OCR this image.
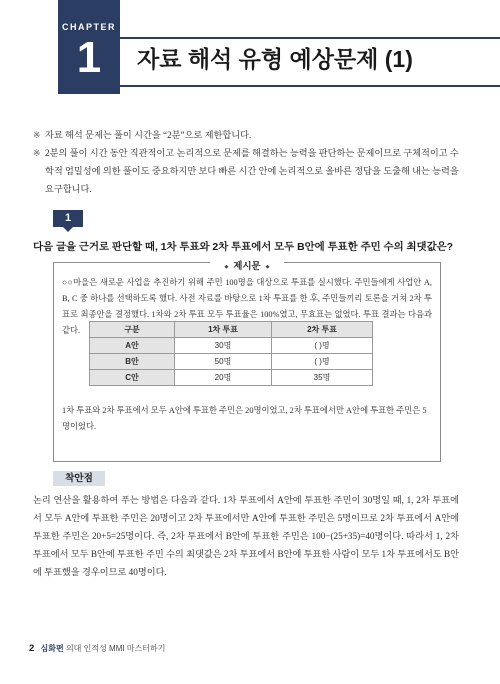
CHAPTER
1	자료 해석 유형 예상문제 (1)
※ 자료 해석 문제는 풀이 시간을 “2분”으로 제한합니다.
※ 2분의 풀이 시간 동안 직관적이고 논리적으로 문제를 해결하는 능력을 판단하는 문제이므로 구체적이고 수학적 엄밀성에 의한 풀이도 중요하지만 보다 빠른 시간 안에 논리적으로 올바른 정답을 도출해 내는 능력을 요구합니다.
1
다음 글을 근거로 판단할 때, 1차 투표와 2차 투표에서 모두 B안에 투표한 주민 수의 최댓값은?
◆ 제시문 ◆
○○마을은 새로운 사업을 추진하기 위해 주민 100명을 대상으로 투표를 실시했다. 주민들에게 사업안 A, B, C 중 하나를 선택하도록 했다. 사전 자료를 바탕으로 1차 투표를 한 후, 주민들끼리 토론을 거쳐 2차 투표로 최종안을 결정했다. 1차와 2차 투표 모두 투표율은 100%였고, 무효표는 없었다. 투표 결과는 다음과 같다.
1차 투표와 2차 투표에서 모두 A안에 투표한 주민은 20명이었고, 2차 투표에서만 A안에 투표한 주민은 5명이었다.
구분	1차 투표	2차 투표
A안	30명	( )명
B안	50명	( )명
C안	20명	35명
착안점
논리 연산을 활용하여 푸는 방법은 다음과 같다. 1차 투표에서 A안에 투표한 주민이 30명일 때, 1, 2차 투표에서 모두 A안에 투표한 주민은 20명이고 2차 투표에서만 A안에 투표한 주민은 5명이므로 2차 투표에서 A안에 투표한 주민은 20+5=25명이다. 즉, 2차 투표에서 B안에 투표한 주민은 100−(25+35)=40명이다. 따라서 1, 2차 투표에서 모두 B안에 투표한 주민 수의 최댓값은 2차 투표에서 B안에 투표한 사람이 모두 1차 투표에서도 B안에 투표했을 경우이므로 40명이다.
2 심화편 의대 인적성 MMI 마스터하기
